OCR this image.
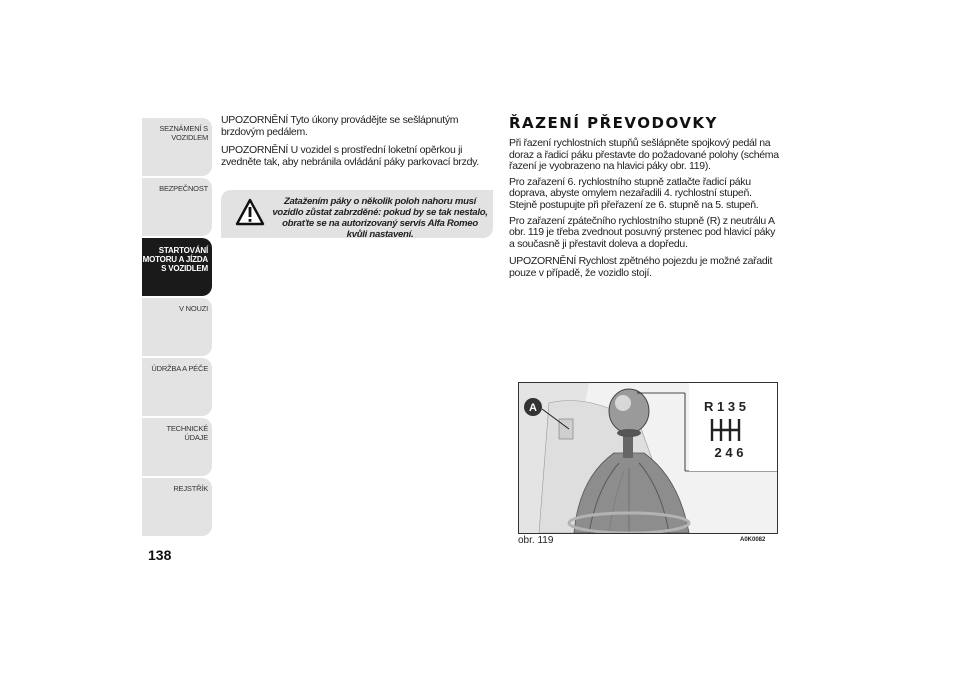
SEZNÁMENÍ S
VOZIDLEM
BEZPEČNOST
STARTOVÁNÍ
MOTORU A JÍZDA
S VOZIDLEM
V NOUZI
ÚDRŽBA A PÉČE
TECHNICKÉ ÚDAJE
REJSTŘÍK
138

UPOZORNĚNÍ Tyto úkony provádějte se sešlápnutým brzdovým pedálem.

UPOZORNĚNÍ U vozidel s prostřední loketní opěrkou ji zvedněte tak, aby nebránila ovládání páky parkovací brzdy.

Zatažením páky o několik poloh nahoru musí vozidlo zůstat zabrzděné: pokud by se tak nestalo, obraťte se na autorizovaný servis Alfa Romeo kvůli nastavení.
ŘAZENÍ PŘEVODOVKY

Při řazení rychlostních stupňů sešlápněte spojkový pedál na doraz a řadicí páku přestavte do požadované polohy (schéma řazení je vyobrazeno na hlavici páky obr. 119).

Pro zařazení 6. rychlostního stupně zatlačte řadicí páku doprava, abyste omylem nezařadili 4. rychlostní stupeň. Stejně postupujte při přeřazení ze 6. stupně na 5. stupeň.

Pro zařazení zpátečního rychlostního stupně (R) z neutrálu A obr. 119 je třeba zvednout posuvný prstenec pod hlavicí páky a současně ji přestavit doleva a dopředu.

UPOZORNĚNÍ Rychlost zpětného pojezdu je možné zařadit pouze v případě, že vozidlo stojí.

A	R 1 3 5
2 4 6
obr. 119	A0K0082
